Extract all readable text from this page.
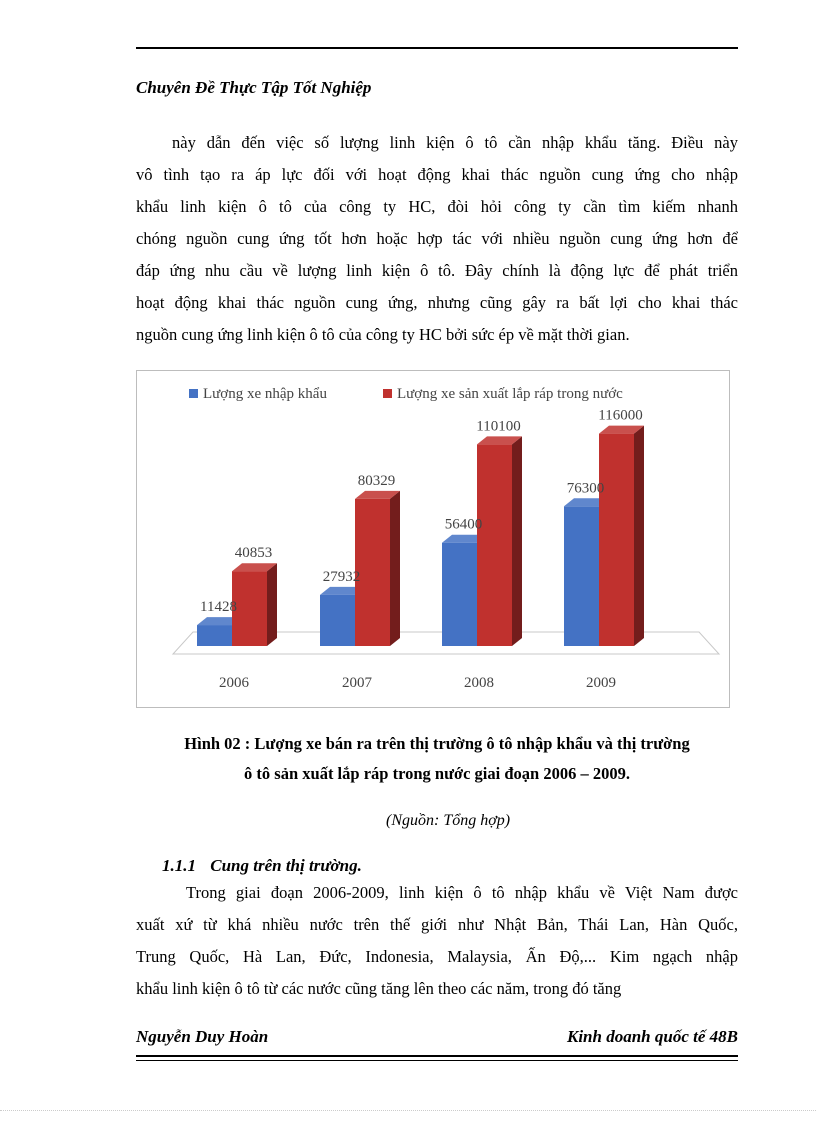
Chuyên Đề Thực Tập Tốt Nghiệp
này dẫn đến việc số lượng linh kiện ô tô cần nhập khẩu tăng. Điều này
vô tình tạo ra áp lực đối với hoạt động khai thác nguồn cung ứng cho nhập
khẩu linh kiện ô tô của công ty HC, đòi hỏi công ty cần tìm kiếm nhanh
chóng nguồn cung ứng tốt hơn hoặc hợp tác với nhiều nguồn cung ứng hơn để
đáp ứng nhu cầu về lượng linh kiện ô tô. Đây chính là động lực để phát triển
hoạt động khai thác nguồn cung ứng, nhưng cũng gây ra bất lợi cho khai thác
nguồn cung ứng linh kiện ô tô của công ty HC bởi sức ép về mặt thời gian.
Lượng xe nhập khẩu	Lượng xe sản xuất lắp ráp trong nước
11428
40853
27932
80329
56400
110100
76300
116000
2006	2007	2008	2009
Hình 02 : Lượng xe bán ra trên thị trường ô tô nhập khẩu và thị trường
ô tô sản xuất lắp ráp trong nước giai đoạn 2006 – 2009.
(Nguồn: Tổng hợp)
1.1.1 Cung trên thị trường.
Trong giai đoạn 2006-2009, linh kiện ô tô nhập khẩu về Việt Nam được
xuất xứ từ khá nhiều nước trên thế giới như Nhật Bản, Thái Lan, Hàn Quốc,
Trung Quốc, Hà Lan, Đức, Indonesia, Malaysia, Ấn Độ,... Kim ngạch nhập
khẩu linh kiện ô tô từ các nước cũng tăng lên theo các năm, trong đó tăng
Nguyễn Duy Hoàn	Kinh doanh quốc tế 48B
